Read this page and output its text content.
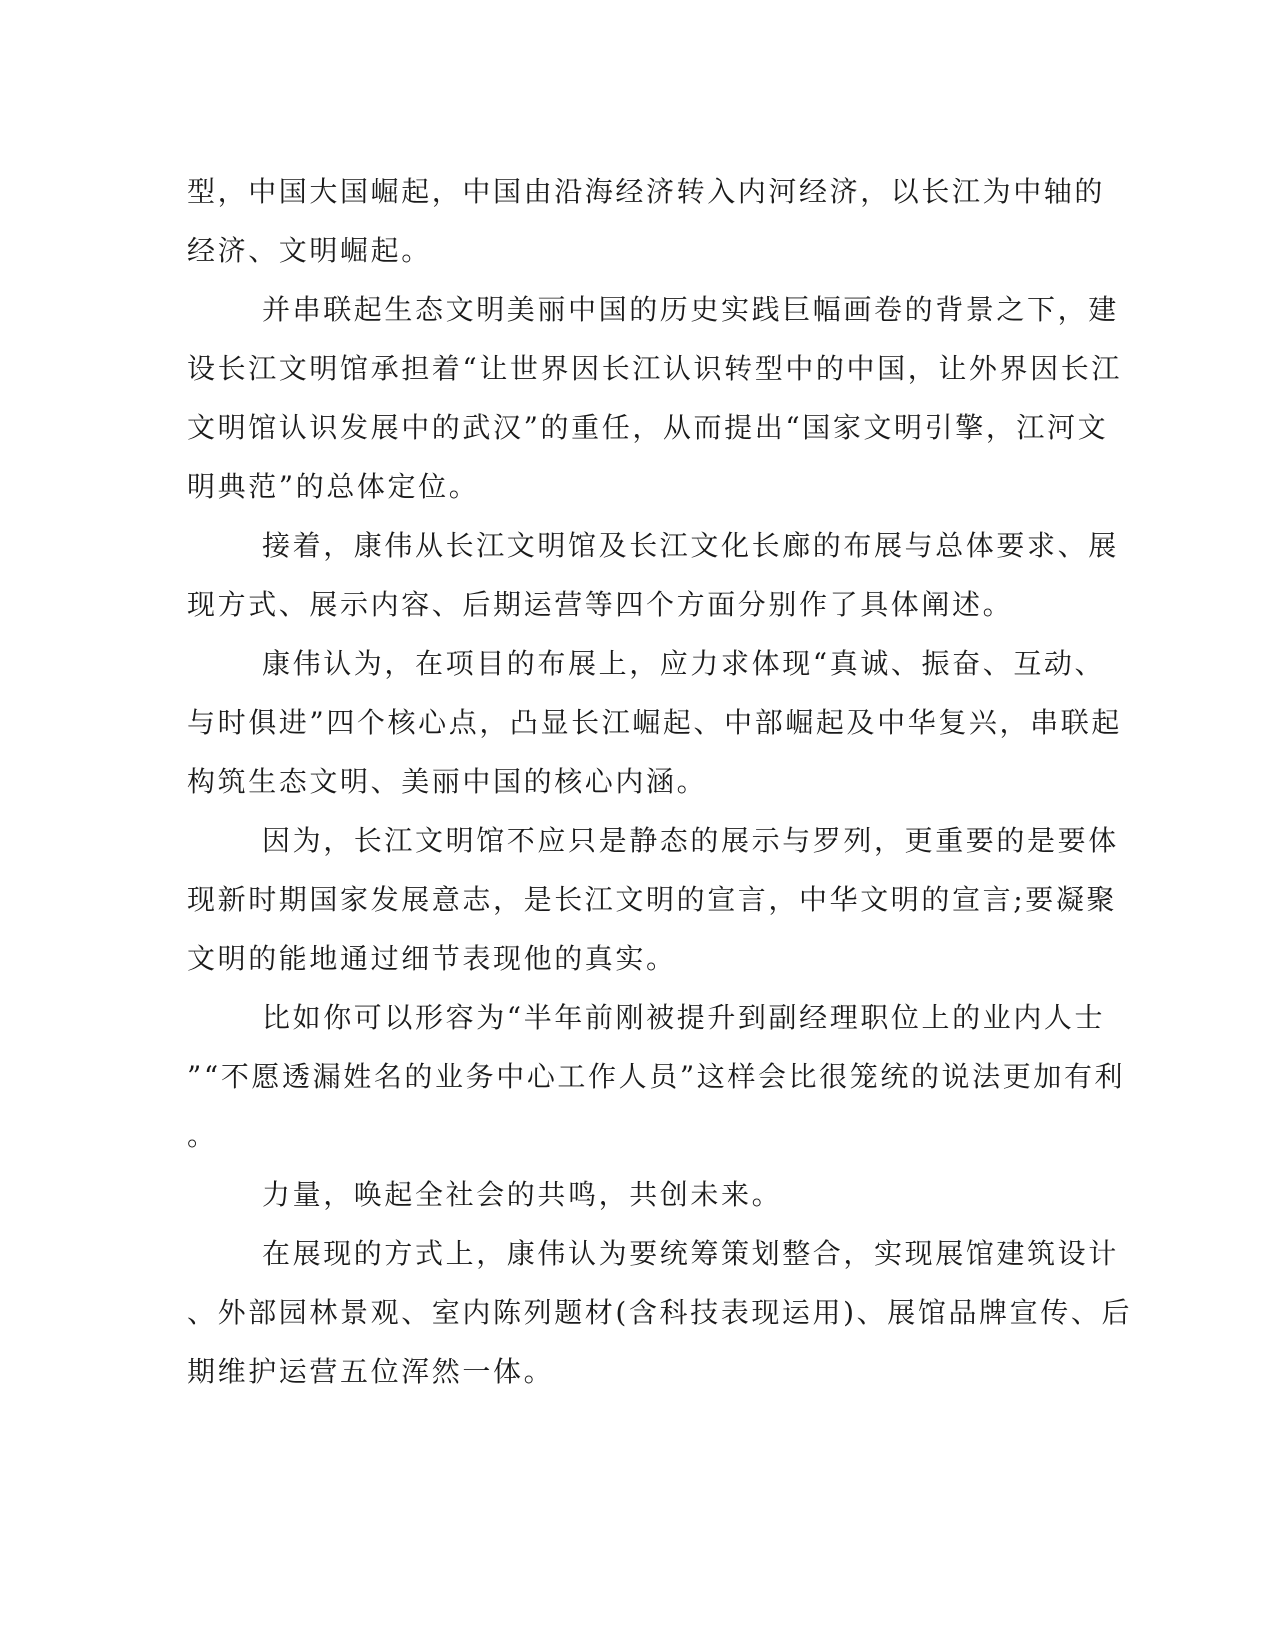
型，中国大国崛起，中国由沿海经济转入内河经济，以长江为中轴的
经济、文明崛起。
并串联起生态文明美丽中国的历史实践巨幅画卷的背景之下，建
设长江文明馆承担着“让世界因长江认识转型中的中国，让外界因长江
文明馆认识发展中的武汉”的重任，从而提出“国家文明引擎，江河文
明典范”的总体定位。
接着，康伟从长江文明馆及长江文化长廊的布展与总体要求、展
现方式、展示内容、后期运营等四个方面分别作了具体阐述。
康伟认为，在项目的布展上，应力求体现“真诚、振奋、互动、
与时俱进”四个核心点，凸显长江崛起、中部崛起及中华复兴，串联起
构筑生态文明、美丽中国的核心内涵。
因为，长江文明馆不应只是静态的展示与罗列，更重要的是要体
现新时期国家发展意志，是长江文明的宣言，中华文明的宣言;要凝聚
文明的能地通过细节表现他的真实。
比如你可以形容为“半年前刚被提升到副经理职位上的业内人士
”“不愿透漏姓名的业务中心工作人员”这样会比很笼统的说法更加有利
。
力量，唤起全社会的共鸣，共创未来。
在展现的方式上，康伟认为要统筹策划整合，实现展馆建筑设计
、外部园林景观、室内陈列题材(含科技表现运用)、展馆品牌宣传、后
期维护运营五位浑然一体。
